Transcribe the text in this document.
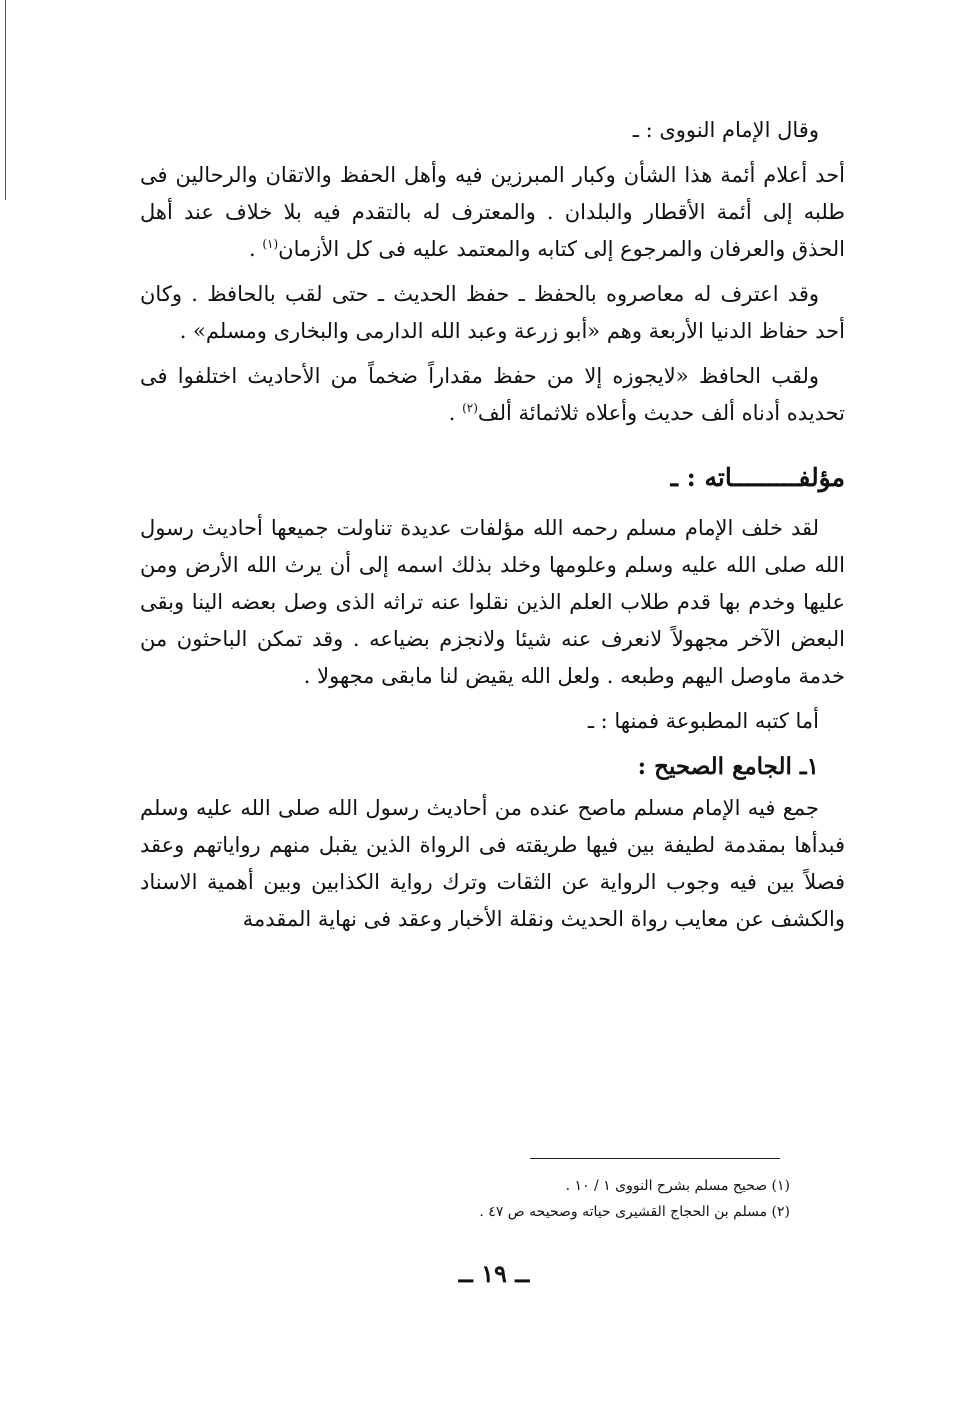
وقال الإمام النووى : ـ

أحد أعلام أئمة هذا الشأن وكبار المبرزين فيه وأهل الحفظ والاتقان والرحالين فى طلبه إلى أئمة الأقطار والبلدان . والمعترف له بالتقدم فيه بلا خلاف عند أهل الحذق والعرفان والمرجوع إلى كتابه والمعتمد عليه فى كل الأزمان$^{(١)}$ .

وقد اعترف له معاصروه بالحفظ ـ حفظ الحديث ـ حتى لقب بالحافظ . وكان أحد حفاظ الدنيا الأربعة وهم «أبو زرعة وعبد الله الدارمى والبخارى ومسلم» .

ولقب الحافظ «لايجوزه إلا من حفظ مقداراً ضخماً من الأحاديث اختلفوا فى تحديده أدناه ألف حديث وأعلاه ثلاثمائة ألف$^{(٢)}$ .

مؤلفـــــــــاته : ـ

لقد خلف الإمام مسلم رحمه الله مؤلفات عديدة تناولت جميعها أحاديث رسول الله صلى الله عليه وسلم وعلومها وخلد بذلك اسمه إلى أن يرث الله الأرض ومن عليها وخدم بها قدم طلاب العلم الذين نقلوا عنه تراثه الذى وصل بعضه الينا وبقى البعض الآخر مجهولاً لانعرف عنه شيئا ولانجزم بضياعه . وقد تمكن الباحثون من خدمة ماوصل اليهم وطبعه . ولعل الله يقيض لنا مابقى مجهولا .

أما كتبه المطبوعة فمنها : ـ

١ـ الجامع الصحيح :

جمع فيه الإمام مسلم ماصح عنده من أحاديث رسول الله صلى الله عليه وسلم فبدأها بمقدمة لطيفة بين فيها طريقته فى الرواة الذين يقبل منهم رواياتهم وعقد فصلاً بين فيه وجوب الرواية عن الثقات وترك رواية الكذابين وبين أهمية الاسناد والكشف عن معايب رواة الحديث ونقلة الأخبار وعقد فى نهاية المقدمة

(١) صحيح مسلم بشرح النووى ١ / ١٠ .
(٢) مسلم بن الحجاج القشيرى حياته وصحيحه ص ٤٧ .
ــ ١٩ ــ
